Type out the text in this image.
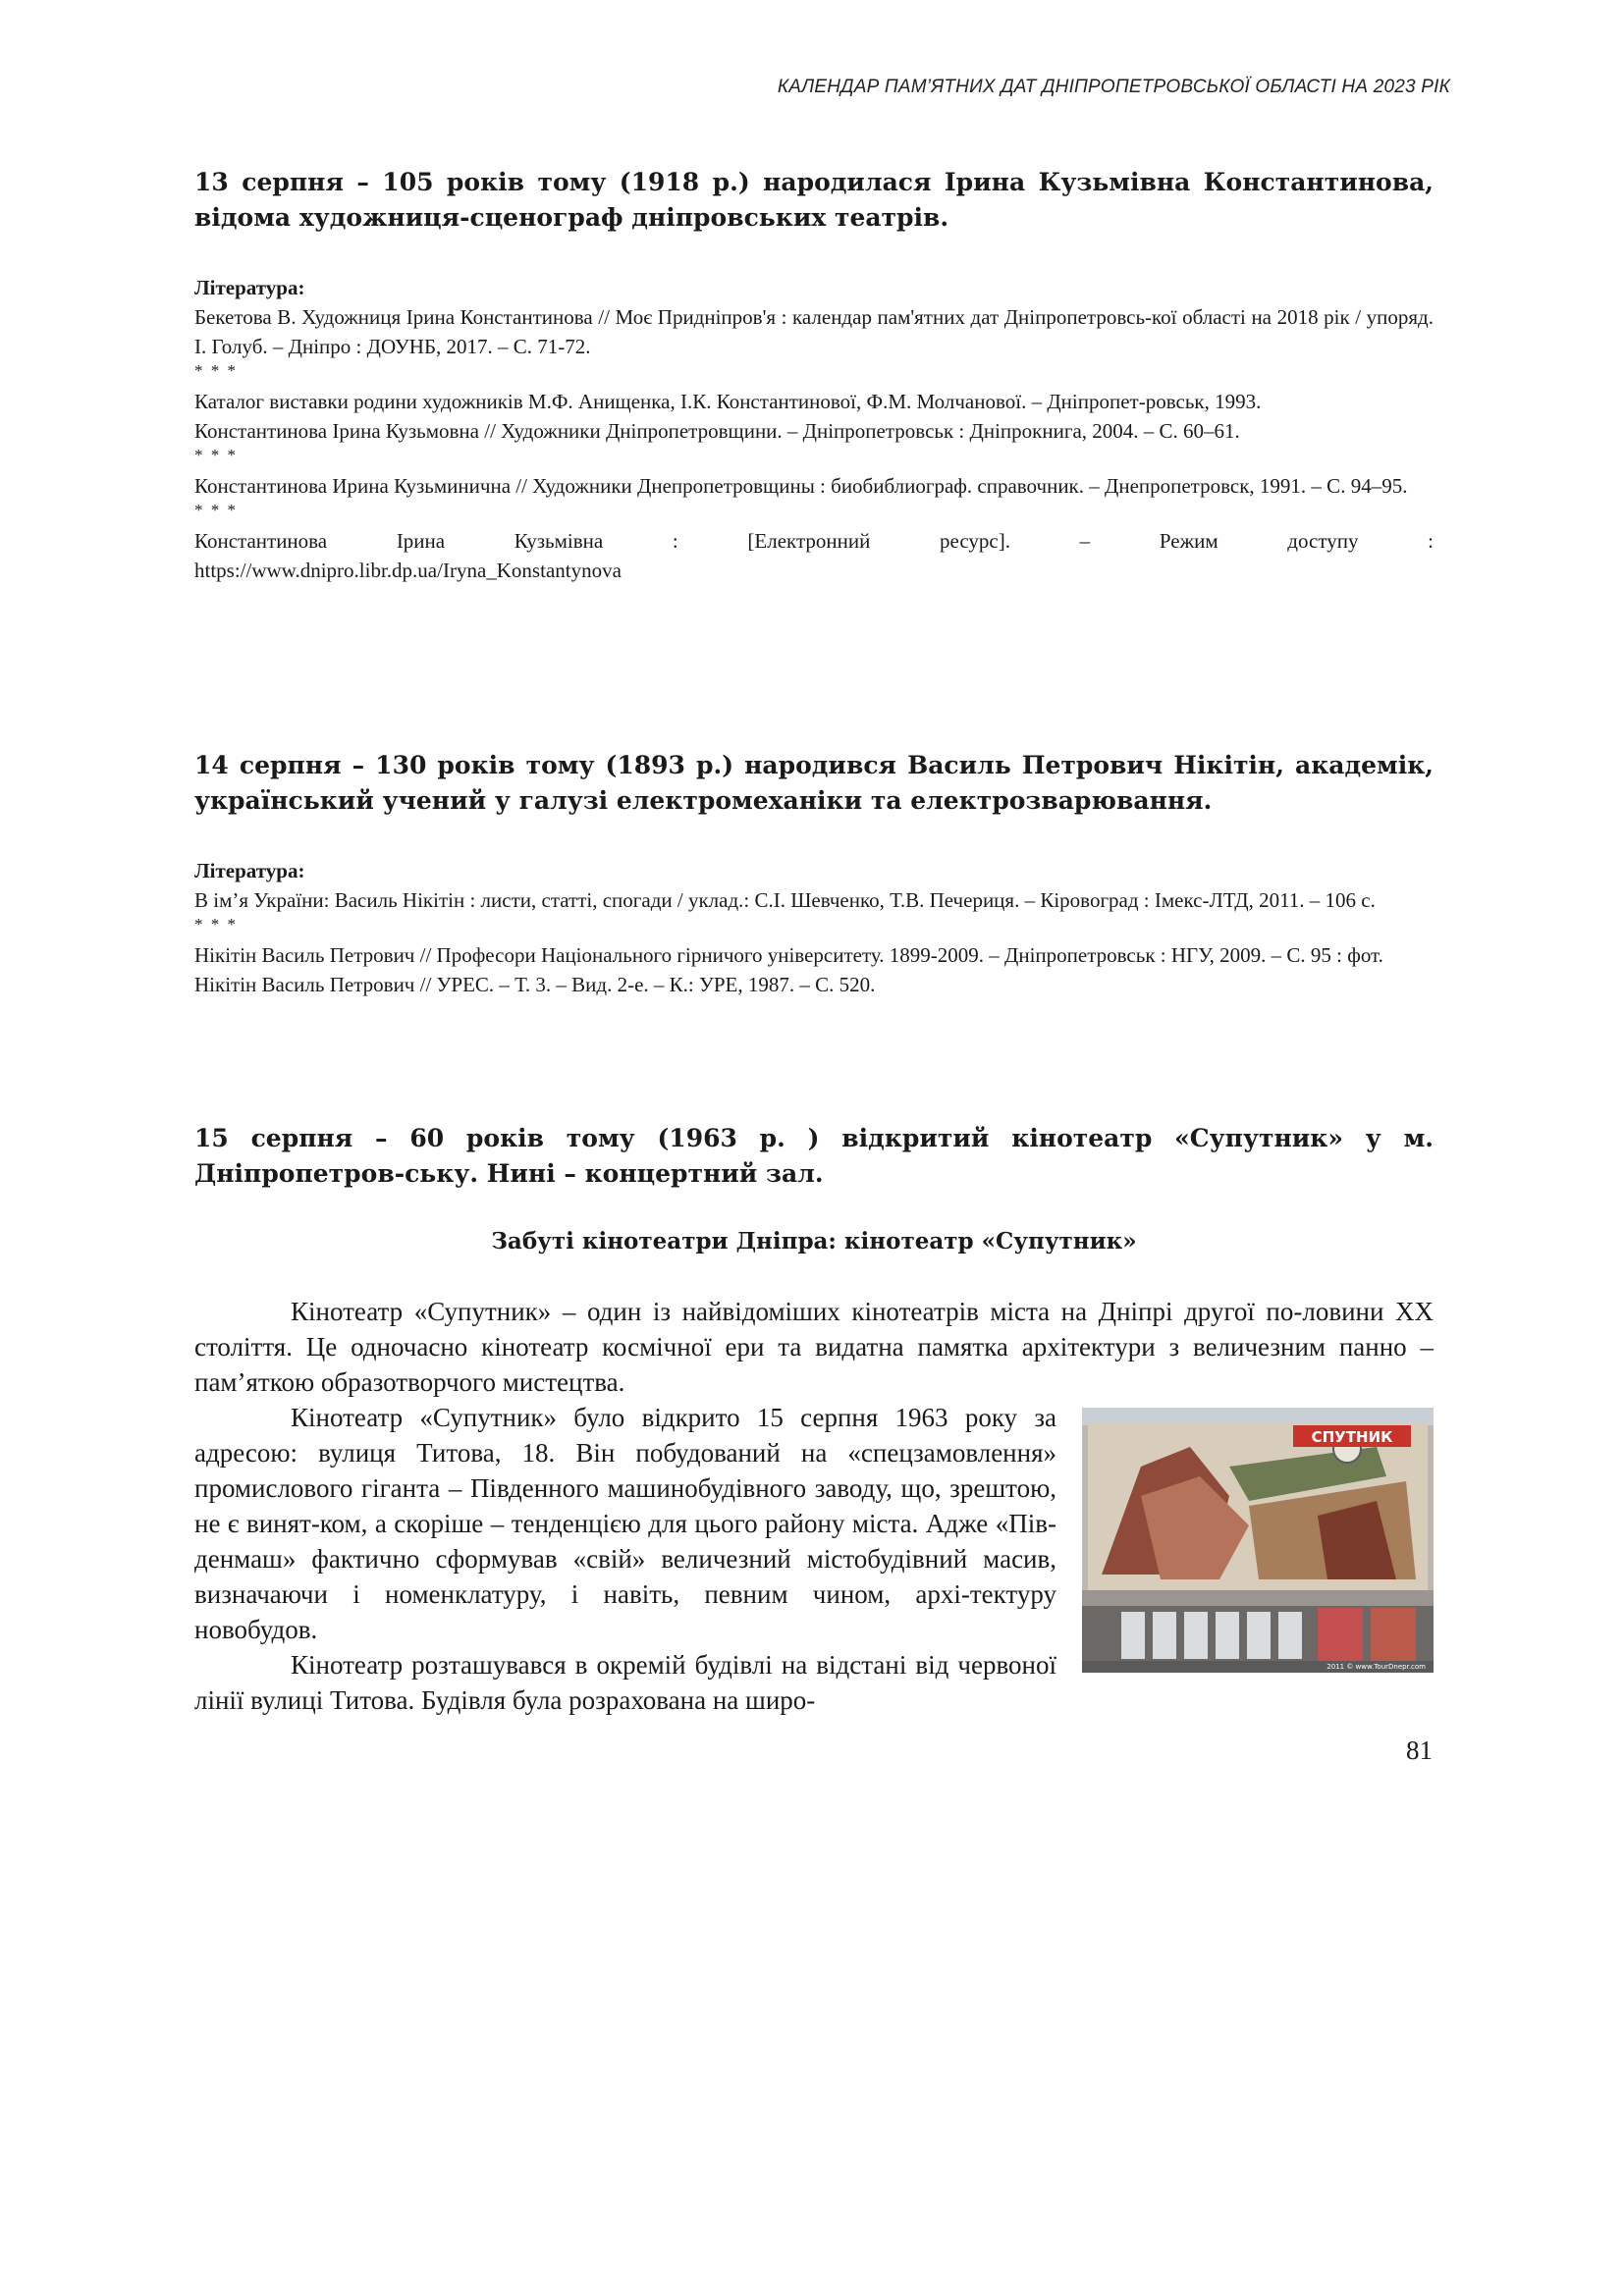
КАЛЕНДАР ПАМ’ЯТНИХ ДАТ ДНІПРОПЕТРОВСЬКОЇ ОБЛАСТІ НА 2023 РІК

13 серпня – 105 років тому (1918 р.) народилася Ірина Кузьмівна Константинова, відома художниця-сценограф дніпровських театрів.

Література:

Бекетова В. Художниця Ірина Константинова // Моє Придніпров'я : календар пам'ятних дат Дніпропетровсь-кої області на 2018 рік / упоряд. І. Голуб. – Дніпро : ДОУНБ, 2017. – С. 71-72.

* * *

Каталог виставки родини художників М.Ф. Анищенка, І.К. Константинової, Ф.М. Молчанової. – Дніпропет-ровськ, 1993.

Константинова Ірина Кузьмовна // Художники Дніпропетровщини. – Дніпропетровськ : Дніпрокнига, 2004. – С. 60–61.

* * *

Константинова Ирина Кузьминична // Художники Днепропетровщины : биобиблиограф. справочник. – Днепропетровск, 1991. – С. 94–95.

* * *

Константинова Ірина Кузьмівна : [Електронний ресурс]. – Режим доступу :

https://www.dnipro.libr.dp.ua/Iryna_Konstantynova

14 серпня – 130 років тому (1893 р.) народився Василь Петрович Нікітін, академік, український учений у галузі електромеханіки та електрозварювання.

Література:

В ім’я України: Василь Нікітін : листи, статті, спогади / уклад.: С.І. Шевченко, Т.В. Печериця. – Кіровоград : Імекс-ЛТД, 2011. – 106 с.

* * *

Нікітін Василь Петрович // Професори Національного гірничого університету. 1899-2009. – Дніпропетровськ : НГУ, 2009. – С. 95 : фот.

Нікітін Василь Петрович // УРЕС. – Т. 3. – Вид. 2-е. – К.: УРЕ, 1987. – С. 520.

15 серпня – 60 років тому (1963 р. ) відкритий кінотеатр «Супутник» у м. Дніпропетров-ську. Нині – концертний зал.

Забуті кінотеатри Дніпра: кінотеатр «Супутник»

Кінотеатр «Супутник» – один із найвідоміших кінотеатрів міста на Дніпрі другої по-ловини ХХ століття. Це одночасно кінотеатр космічної ери та видатна памятка архітектури з величезним панно – пам’яткою образотворчого мистецтва.

СПУТНИК
2011 © www.TourDnepr.com

Кінотеатр «Супутник» було відкрито 15 серпня 1963 року за адресою: вулиця Титова, 18. Він побудований на «спецзамовлення» промислового гіганта – Південного машинобудівного заводу, що, зрештою, не є винят-ком, а скоріше – тенденцією для цього району міста. Адже «Пів-денмаш» фактично сформував «свій» величезний містобудівний масив, визначаючи і номенклатуру, і навіть, певним чином, архі-тектуру новобудов.

Кінотеатр розташувався в окремій будівлі на відстані від червоної лінії вулиці Титова. Будівля була розрахована на широ-

81
